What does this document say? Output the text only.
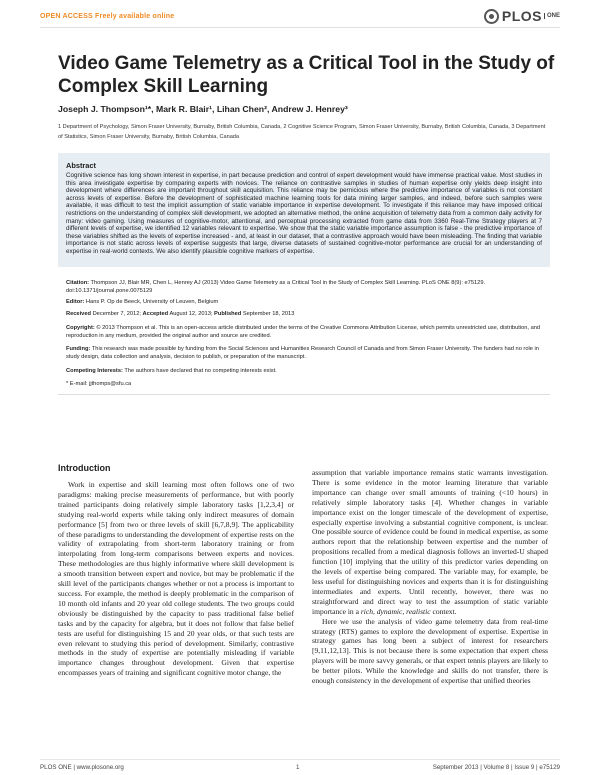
OPEN ACCESS Freely available online	PLOS ONE
Video Game Telemetry as a Critical Tool in the Study of Complex Skill Learning
Joseph J. Thompson¹*, Mark R. Blair¹, Lihan Chen², Andrew J. Henrey³
1 Department of Psychology, Simon Fraser University, Burnaby, British Columbia, Canada, 2 Cognitive Science Program, Simon Fraser University, Burnaby, British Columbia, Canada, 3 Department of Statistics, Simon Fraser University, Burnaby, British Columbia, Canada
Abstract
Cognitive science has long shown interest in expertise, in part because prediction and control of expert development would have immense practical value. Most studies in this area investigate expertise by comparing experts with novices. The reliance on contrastive samples in studies of human expertise only yields deep insight into development where differences are important throughout skill acquisition. This reliance may be pernicious where the predictive importance of variables is not constant across levels of expertise. Before the development of sophisticated machine learning tools for data mining larger samples, and indeed, before such samples were available, it was difficult to test the implicit assumption of static variable importance in expertise development. To investigate if this reliance may have imposed critical restrictions on the understanding of complex skill development, we adopted an alternative method, the online acquisition of telemetry data from a common daily activity for many: video gaming. Using measures of cognitive-motor, attentional, and perceptual processing extracted from game data from 3360 Real-Time Strategy players at 7 different levels of expertise, we identified 12 variables relevant to expertise. We show that the static variable importance assumption is false - the predictive importance of these variables shifted as the levels of expertise increased - and, at least in our dataset, that a contrastive approach would have been misleading. The finding that variable importance is not static across levels of expertise suggests that large, diverse datasets of sustained cognitive-motor performance are crucial for an understanding of expertise in real-world contexts. We also identify plausible cognitive markers of expertise.
Citation: Thompson JJ, Blair MR, Chen L, Henrey AJ (2013) Video Game Telemetry as a Critical Tool in the Study of Complex Skill Learning. PLoS ONE 8(9): e75129. doi:10.1371/journal.pone.0075129
Editor: Hans P. Op de Beeck, University of Leuven, Belgium
Received December 7, 2012; Accepted August 12, 2013; Published September 18, 2013
Copyright: © 2013 Thompson et al. This is an open-access article distributed under the terms of the Creative Commons Attribution License, which permits unrestricted use, distribution, and reproduction in any medium, provided the original author and source are credited.
Funding: This research was made possible by funding from the Social Sciences and Humanities Research Council of Canada and from Simon Fraser University. The funders had no role in study design, data collection and analysis, decision to publish, or preparation of the manuscript.
Competing Interests: The authors have declared that no competing interests exist.
* E-mail: jjthomps@sfu.ca
Introduction

Work in expertise and skill learning most often follows one of two paradigms: making precise measurements of performance, but with poorly trained participants doing relatively simple laboratory tasks [1,2,3,4] or studying real-world experts while taking only indirect measures of domain performance [5] from two or three levels of skill [6,7,8,9]. The applicability of these paradigms to understanding the development of expertise rests on the validity of extrapolating from short-term laboratory training or from interpolating from long-term comparisons between experts and novices. These methodologies are thus highly informative where skill development is a smooth transition between expert and novice, but may be problematic if the skill level of the participants changes whether or not a process is important to success. For example, the method is deeply problematic in the comparison of 10 month old infants and 20 year old college students. The two groups could obviously be distinguished by the capacity to pass traditional false belief tasks and by the capacity for algebra, but it does not follow that false belief tests are useful for distinguishing 15 and 20 year olds, or that such tests are even relevant to studying this period of development. Similarly, contrastive methods in the study of expertise are potentially misleading if variable importance changes throughout development. Given that expertise encompasses years of training and significant cognitive motor change, the

assumption that variable importance remains static warrants investigation. There is some evidence in the motor learning literature that variable importance can change over small amounts of training (<10 hours) in relatively simple laboratory tasks [4]. Whether changes in variable importance exist on the longer timescale of the development of expertise, especially expertise involving a substantial cognitive component, is unclear. One possible source of evidence could be found in medical expertise, as some authors report that the relationship between expertise and the number of propositions recalled from a medical diagnosis follows an inverted-U shaped function [10] implying that the utility of this predictor varies depending on the levels of expertise being compared. The variable may, for example, be less useful for distinguishing novices and experts than it is for distinguishing intermediates and experts. Until recently, however, there was no straightforward and direct way to test the assumption of static variable importance in a rich, dynamic, realistic context.

Here we use the analysis of video game telemetry data from real-time strategy (RTS) games to explore the development of expertise. Expertise in strategy games has long been a subject of interest for researchers [9,11,12,13]. This is not because there is some expectation that expert chess players will be more savvy generals, or that expert tennis players are likely to be better pilots. While the knowledge and skills do not transfer, there is enough consistency in the development of expertise that unified theories

PLOS ONE | www.plosone.org	1	September 2013 | Volume 8 | Issue 9 | e75129
